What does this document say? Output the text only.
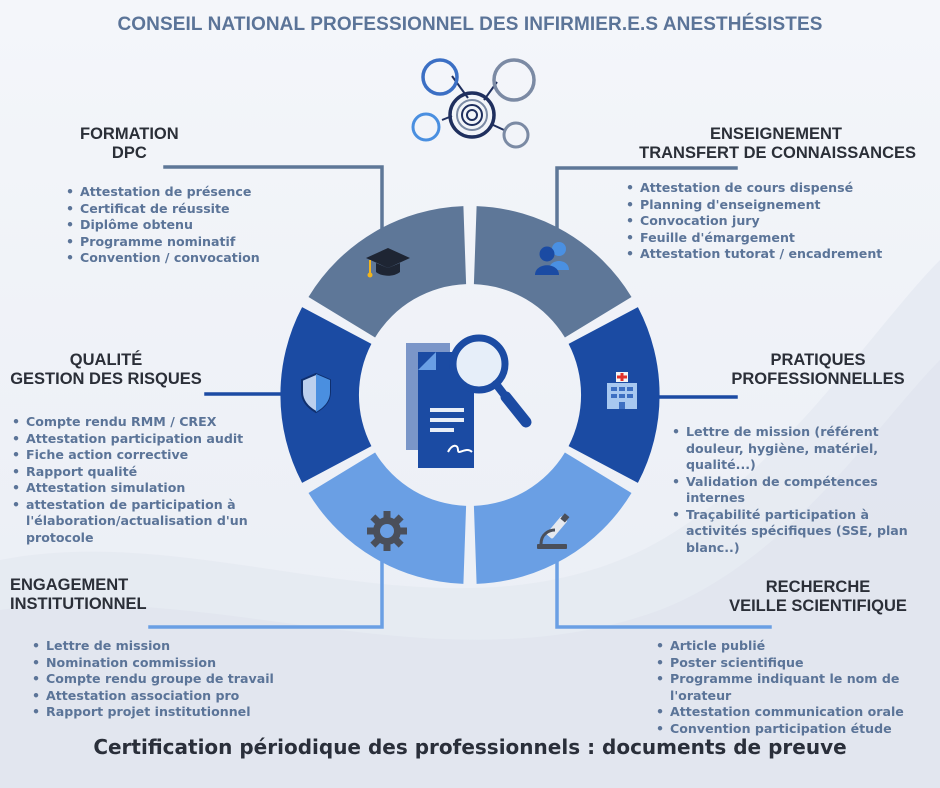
CONSEIL NATIONAL PROFESSIONNEL DES INFIRMIER.E.S ANESTHÉSISTES
FORMATION
DPC
• Attestation de présence
• Certificat de réussite
• Diplôme obtenu
• Programme nominatif
• Convention / convocation
ENSEIGNEMENT
TRANSFERT DE CONNAISSANCES
• Attestation de cours dispensé
• Planning d'enseignement
• Convocation jury
• Feuille d'émargement
• Attestation tutorat / encadrement
QUALITÉ
GESTION DES RISQUES
• Compte rendu RMM / CREX
• Attestation participation audit
• Fiche action corrective
• Rapport qualité
• Attestation simulation
• attestation de participation à l'élaboration/actualisation d'un protocole
PRATIQUES
PROFESSIONNELLES
• Lettre de mission (référent douleur, hygiène, matériel, qualité...)
• Validation de compétences internes
• Traçabilité participation à activités spécifiques (SSE, plan blanc..)
ENGAGEMENT
INSTITUTIONNEL
• Lettre de mission
• Nomination commission
• Compte rendu groupe de travail
• Attestation association pro
• Rapport projet institutionnel
RECHERCHE
VEILLE SCIENTIFIQUE
• Article publié
• Poster scientifique
• Programme indiquant le nom de l'orateur
• Attestation communication orale
• Convention participation étude
Certification périodique des professionnels : documents de preuve
